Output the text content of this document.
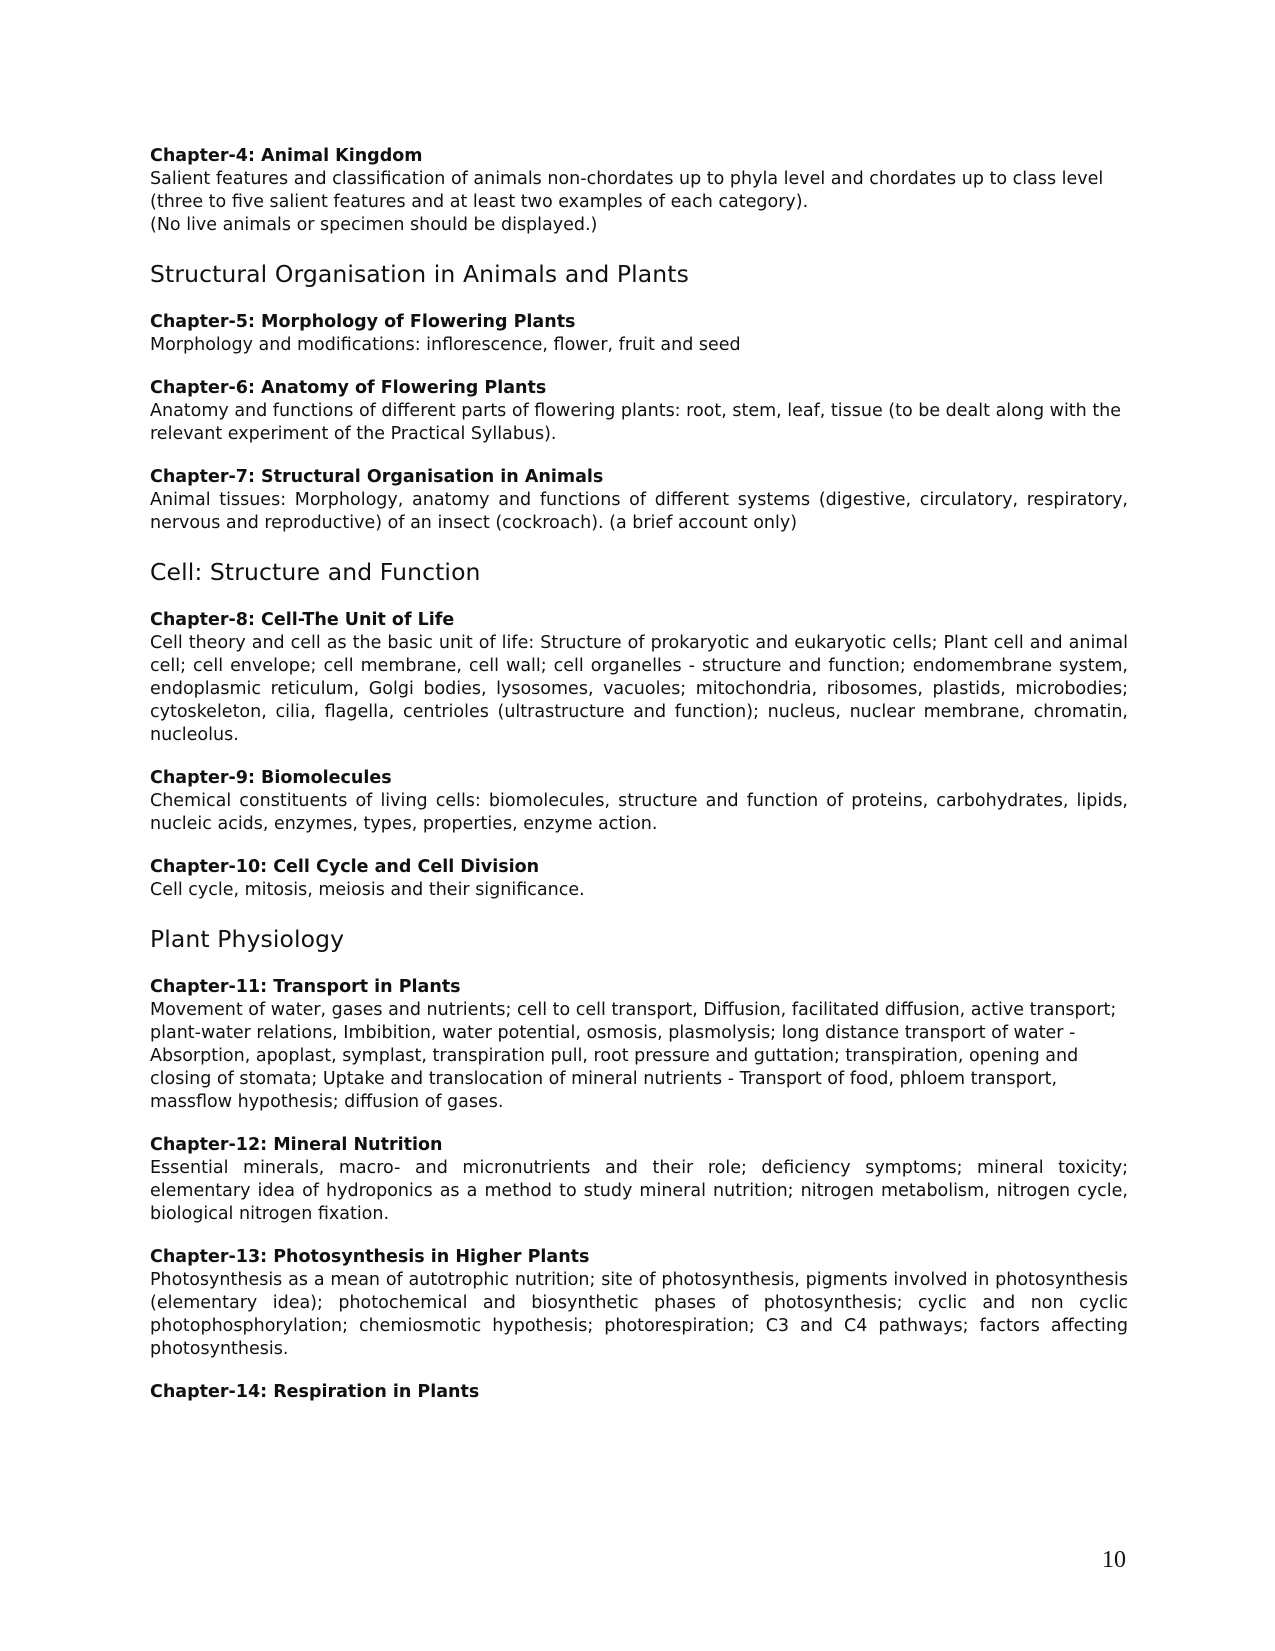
Chapter-4: Animal Kingdom

Salient features and classification of animals non-chordates up to phyla level and chordates up to class level (three to five salient features and at least two examples of each category).

(No live animals or specimen should be displayed.)

Structural Organisation in Animals and Plants

Chapter-5: Morphology of Flowering Plants

Morphology and modifications: inflorescence, flower, fruit and seed

Chapter-6: Anatomy of Flowering Plants

Anatomy and functions of different parts of flowering plants: root, stem, leaf, tissue (to be dealt along with the relevant experiment of the Practical Syllabus).

Chapter-7: Structural Organisation in Animals

Animal tissues: Morphology, anatomy and functions of different systems (digestive, circulatory, respiratory, nervous and reproductive) of an insect (cockroach). (a brief account only)

Cell: Structure and Function

Chapter-8: Cell-The Unit of Life

Cell theory and cell as the basic unit of life: Structure of prokaryotic and eukaryotic cells; Plant cell and animal cell; cell envelope; cell membrane, cell wall; cell organelles - structure and function; endomembrane system, endoplasmic reticulum, Golgi bodies, lysosomes, vacuoles; mitochondria, ribosomes, plastids, microbodies; cytoskeleton, cilia, flagella, centrioles (ultrastructure and function); nucleus, nuclear membrane, chromatin, nucleolus.

Chapter-9: Biomolecules

Chemical constituents of living cells: biomolecules, structure and function of proteins, carbohydrates, lipids, nucleic acids, enzymes, types, properties, enzyme action.

Chapter-10: Cell Cycle and Cell Division

Cell cycle, mitosis, meiosis and their significance.

Plant Physiology

Chapter-11: Transport in Plants

Movement of water, gases and nutrients; cell to cell transport, Diffusion, facilitated diffusion, active transport; plant-water relations, Imbibition, water potential, osmosis, plasmolysis; long distance transport of water - Absorption, apoplast, symplast, transpiration pull, root pressure and guttation; transpiration, opening and closing of stomata; Uptake and translocation of mineral nutrients - Transport of food, phloem transport, massflow hypothesis; diffusion of gases.

Chapter-12: Mineral Nutrition

Essential minerals, macro- and micronutrients and their role; deficiency symptoms; mineral toxicity; elementary idea of hydroponics as a method to study mineral nutrition; nitrogen metabolism, nitrogen cycle, biological nitrogen fixation.

Chapter-13: Photosynthesis in Higher Plants

Photosynthesis as a mean of autotrophic nutrition; site of photosynthesis, pigments involved in photosynthesis (elementary idea); photochemical and biosynthetic phases of photosynthesis; cyclic and non cyclic photophosphorylation; chemiosmotic hypothesis; photorespiration; C3 and C4 pathways; factors affecting photosynthesis.

Chapter-14: Respiration in Plants

10
